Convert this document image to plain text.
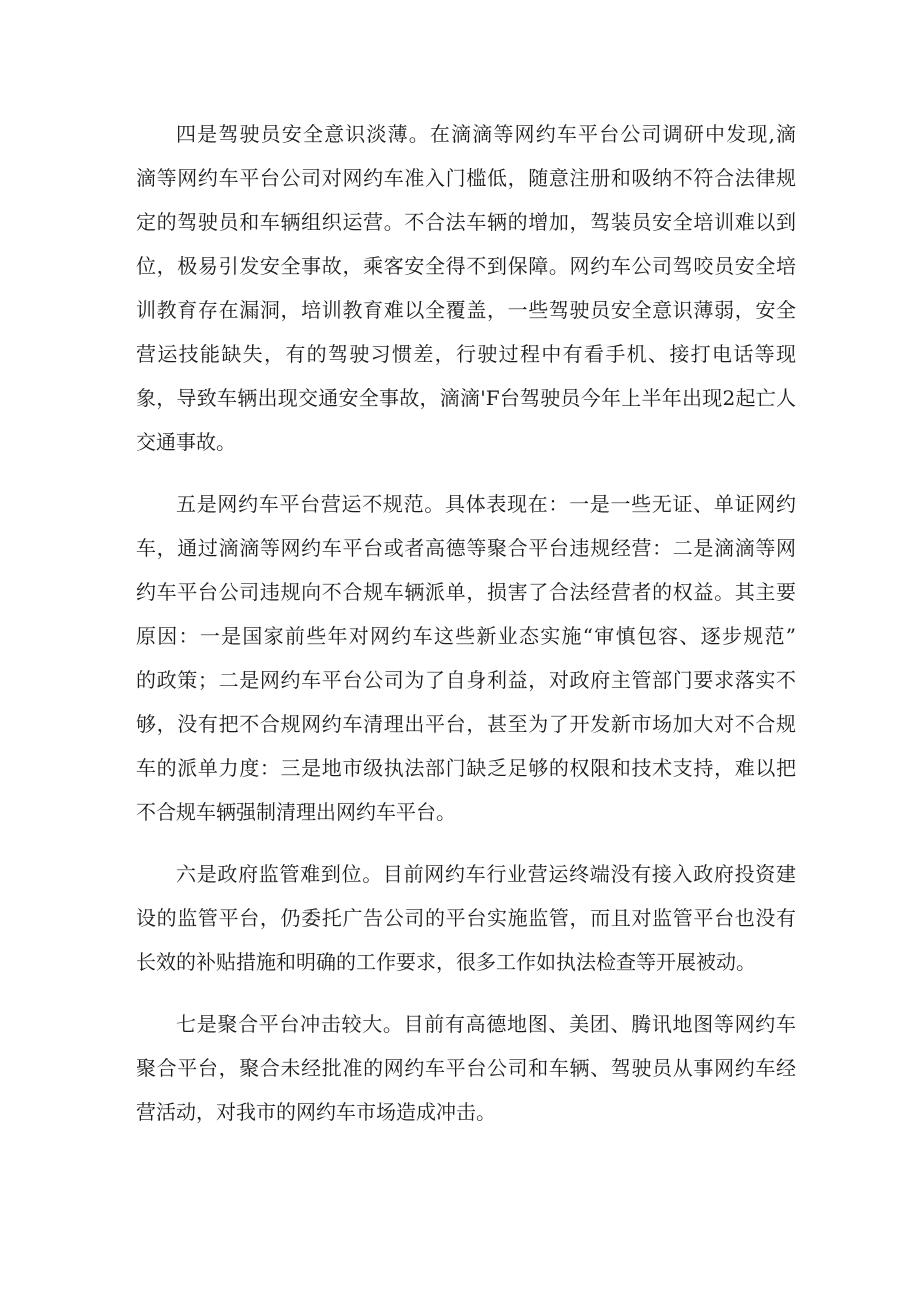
四是驾驶员安全意识淡薄。在滴滴等网约车平台公司调研中发现,滴
滴等网约车平台公司对网约车准入门槛低，随意注册和吸纳不符合法律规
定的驾驶员和车辆组织运营。不合法车辆的增加，驾装员安全培训难以到
位，极易引发安全事故，乘客安全得不到保障。网约车公司驾咬员安全培
训教育存在漏洞，培训教育难以全覆盖，一些驾驶员安全意识薄弱，安全
营运技能缺失，有的驾驶习惯差，行驶过程中有看手机、接打电话等现
象，导致车辆出现交通安全事故，滴滴'F台驾驶员今年上半年出现2起亡人
交通事故。
五是网约车平台营运不规范。具体表现在：一是一些无证、单证网约
车，通过滴滴等网约车平台或者高德等聚合平台违规经营：二是滴滴等网
约车平台公司违规向不合规车辆派单，损害了合法经营者的权益。其主要
原因：一是国家前些年对网约车这些新业态实施“审慎包容、逐步规范”
的政策；二是网约车平台公司为了自身利益，对政府主管部门要求落实不
够，没有把不合规网约车清理出平台，甚至为了开发新市场加大对不合规
车的派单力度：三是地市级执法部门缺乏足够的权限和技术支持，难以把
不合规车辆强制清理出网约车平台。
六是政府监管难到位。目前网约车行业营运终端没有接入政府投资建
设的监管平台，仍委托广告公司的平台实施监管，而且对监管平台也没有
长效的补贴措施和明确的工作要求，很多工作如执法检查等开展被动。
七是聚合平台冲击较大。目前有高德地图、美团、腾讯地图等网约车
聚合平台，聚合未经批准的网约车平台公司和车辆、驾驶员从事网约车经
营活动，对我市的网约车市场造成冲击。
